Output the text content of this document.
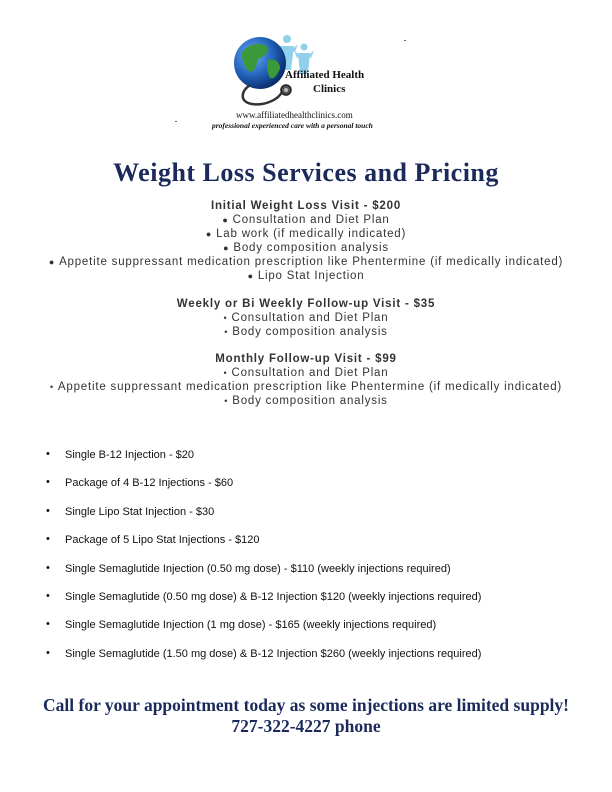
Affiliated Health
Clinics
www.affiliatedhealthclinics.com
professional experienced care with a personal touch
Weight Loss Services and Pricing
Initial Weight Loss Visit - $200
● Consultation and Diet Plan
● Lab work (if medically indicated)
● Body composition analysis
● Appetite suppressant medication prescription like Phentermine (if medically indicated)
● Lipo Stat Injection
Weekly or Bi Weekly Follow-up Visit - $35
• Consultation and Diet Plan
• Body composition analysis
Monthly Follow-up Visit - $99
• Consultation and Diet Plan
• Appetite suppressant medication prescription like Phentermine (if medically indicated)
• Body composition analysis
• Single B-12 Injection - $20
• Package of 4 B-12 Injections - $60
• Single Lipo Stat Injection - $30
• Package of 5 Lipo Stat Injections - $120
• Single Semaglutide Injection (0.50 mg dose) - $110 (weekly injections required)
• Single Semaglutide (0.50 mg dose) & B-12 Injection $120 (weekly injections required)
• Single Semaglutide Injection (1 mg dose) - $165 (weekly injections required)
• Single Semaglutide (1.50 mg dose) & B-12 Injection $260 (weekly injections required)
Call for your appointment today as some injections are limited supply!
727-322-4227 phone
